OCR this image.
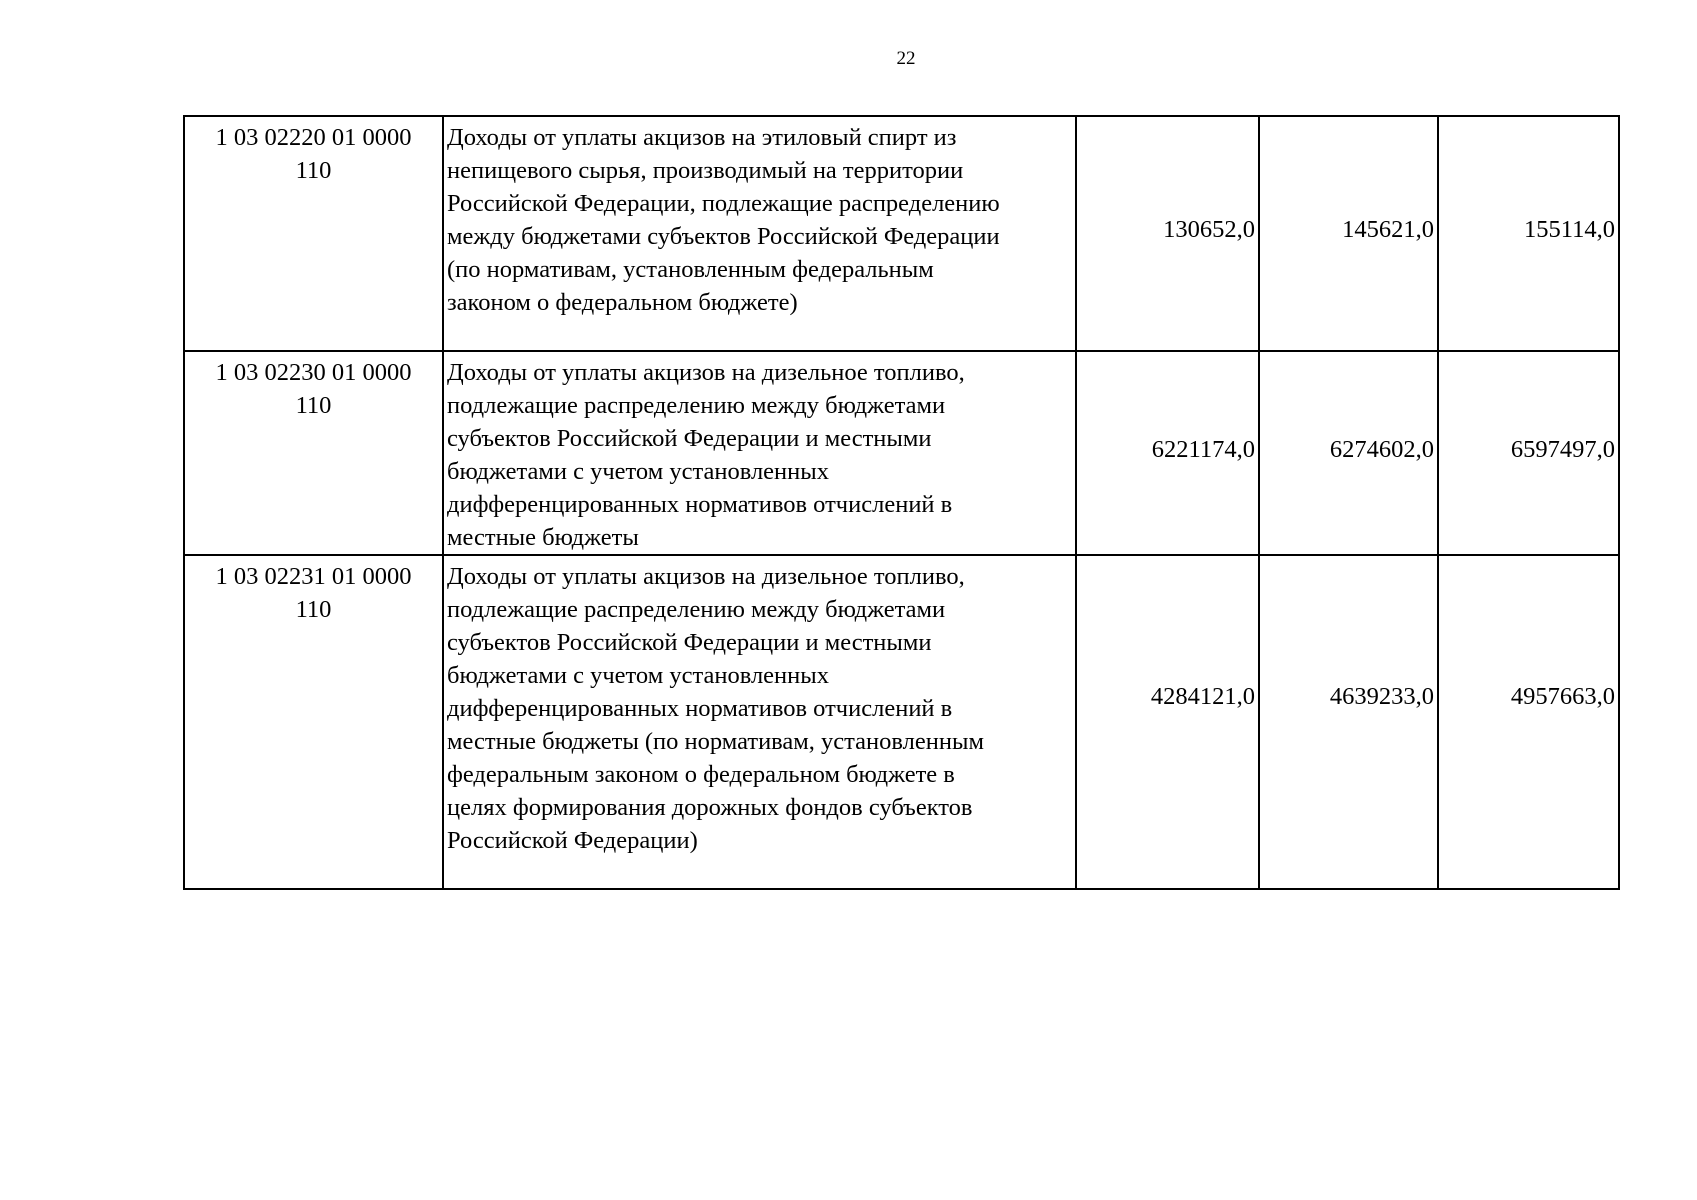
22
1 03 02220 01 0000
110

Доходы от уплаты акцизов на этиловый спирт из
непищевого сырья, производимый на территории
Российской Федерации, подлежащие распределению
между бюджетами субъектов Российской Федерации
(по нормативам, установленным федеральным
законом о федеральном бюджете)
	130652,0	145621,0	155114,0

1 03 02230 01 0000
110

Доходы от уплаты акцизов на дизельное топливо,
подлежащие распределению между бюджетами
субъектов Российской Федерации и местными
бюджетами с учетом установленных
дифференцированных нормативов отчислений в
местные бюджеты
	6221174,0	6274602,0	6597497,0

1 03 02231 01 0000
110

Доходы от уплаты акцизов на дизельное топливо,
подлежащие распределению между бюджетами
субъектов Российской Федерации и местными
бюджетами с учетом установленных
дифференцированных нормативов отчислений в
местные бюджеты (по нормативам, установленным
федеральным законом о федеральном бюджете в
целях формирования дорожных фондов субъектов
Российской Федерации)
	4284121,0	4639233,0	4957663,0
